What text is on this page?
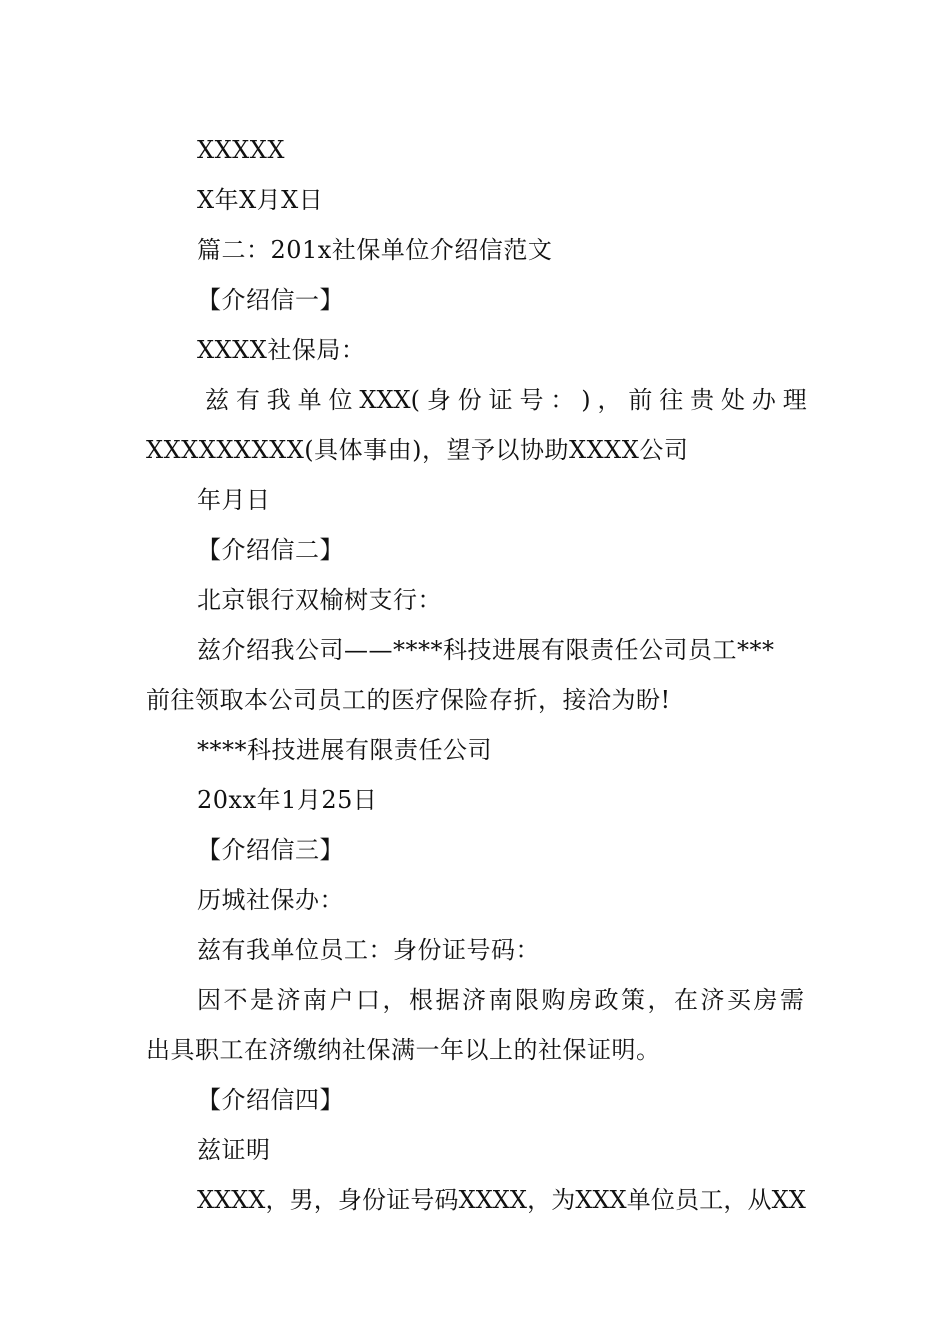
XXXXX
X年X月X日
篇二：201x社保单位介绍信范文
【介绍信一】
XXXX社保局：
兹 有 我 单 位 XXX( 身 份 证 号 ： ) ， 前 往 贵 处 办 理
XXXXXXXXX(具体事由)，望予以协助XXXX公司
年月日
【介绍信二】
北京银行双榆树支行：
兹介绍我公司——****科技进展有限责任公司员工***
前往领取本公司员工的医疗保险存折，接洽为盼!
****科技进展有限责任公司
20xx年1月25日
【介绍信三】
历城社保办：
兹有我单位员工：身份证号码：
因 不 是 济 南 户 口 ， 根 据 济 南 限 购 房 政 策 ， 在 济 买 房 需
出具职工在济缴纳社保满一年以上的社保证明。
【介绍信四】
兹证明
XXXX ， 男 ， 身 份 证 号 码 XXXX ， 为 XXX 单 位 员 工 ， 从 XX
